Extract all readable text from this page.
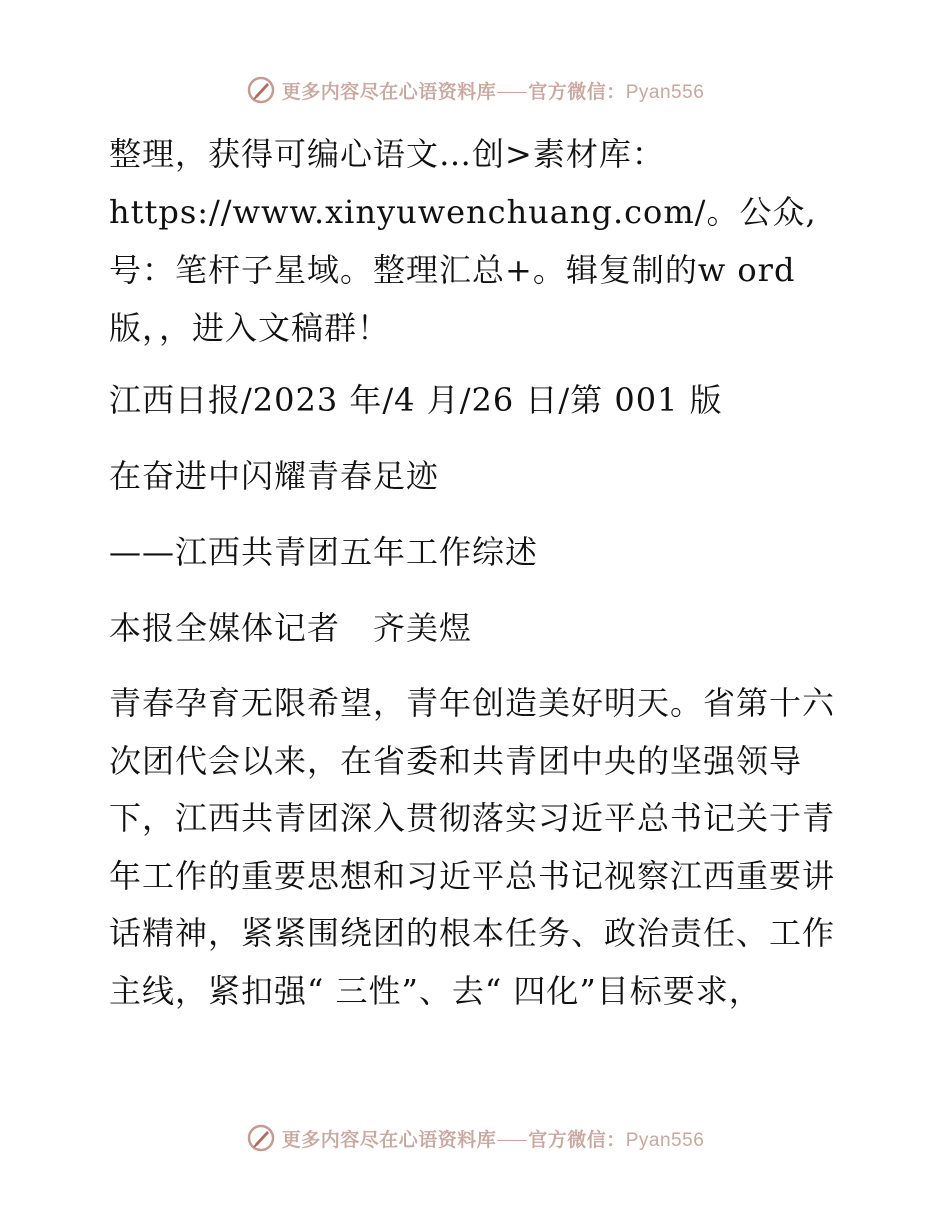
更多内容尽在心语资料库 官方微信：Pyan556

整理，获得可编心语文…创>素材库：https://www.xinyuwenchuang.com/。公众,号：笔杆子星域。整理汇总+。辑复制的w ord版，，进入文稿群！

江西日报/2023 年/4 月/26 日/第 001 版

在奋进中闪耀青春足迹

——江西共青团五年工作综述

本报全媒体记者　齐美煜

青春孕育无限希望，青年创造美好明天。省第十六次团代会以来，在省委和共青团中央的坚强领导下，江西共青团深入贯彻落实习近平总书记关于青年工作的重要思想和习近平总书记视察江西重要讲话精神，紧紧围绕团的根本任务、政治责任、工作主线，紧扣强“ 三性”、去“ 四化”目标要求，

更多内容尽在心语资料库 官方微信：Pyan556
